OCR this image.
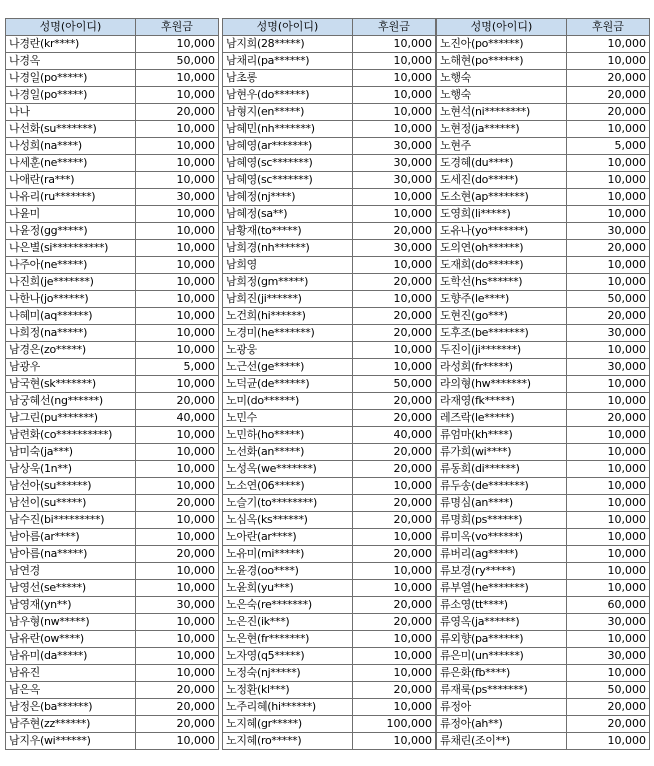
성명(아이디)	후원금
나경란(kr****)	10,000
나경옥	50,000
나경일(po*****)	10,000
나경일(po*****)	10,000
나나	20,000
나선화(su*******)	10,000
나성희(na****)	10,000
나세훈(ne*****)	10,000
나애란(ra***)	10,000
나유리(ru*******)	30,000
나윤미	10,000
나윤정(gg*****)	10,000
나은별(si**********)	10,000
나주아(ne*****)	10,000
나진희(je*******)	10,000
나한나(jo******)	10,000
나혜미(aq******)	10,000
나희정(na*****)	10,000
남경은(zo*****)	10,000
남광우	5,000
남국현(sk*******)	10,000
남궁혜선(ng******)	20,000
남그린(pu*******)	40,000
남련화(co**********)	10,000
남미숙(ja***)	10,000
남상욱(1n**)	10,000
남선아(su******)	10,000
남선이(su*****)	20,000
남수진(bi*********)	10,000
남아름(ar****)	10,000
남아름(na*****)	20,000
남연경	10,000
남영선(se*****)	10,000
남영재(yn**)	30,000
남우형(nw*****)	10,000
남유란(ow****)	10,000
남유미(da*****)	10,000
남유진	10,000
남은옥	20,000
남정은(ba******)	20,000
남주현(zz******)	20,000
남지우(wi******)	10,000
성명(아이디)	후원금
남지희(28*****)	10,000
남채리(pa******)	10,000
남초롱	10,000
남현우(do******)	10,000
남형지(en*****)	10,000
남혜민(nh*******)	10,000
남혜영(ar*******)	30,000
남혜영(sc*******)	30,000
남혜영(sc*******)	30,000
남혜정(nj****)	10,000
남혜정(sa**)	10,000
남황재(to*****)	20,000
남희경(nh******)	30,000
남희영	10,000
남희정(gm*****)	20,000
남희진(ji******)	10,000
노건희(hi******)	20,000
노경미(he*******)	20,000
노광웅	10,000
노근선(ge*****)	10,000
노덕균(de******)	50,000
노미(do******)	20,000
노민수	20,000
노민하(ho*****)	40,000
노선화(an*****)	20,000
노성옥(we*******)	20,000
노소연(06*****)	10,000
노슬기(to********)	20,000
노심옥(ks******)	20,000
노아란(ar****)	10,000
노유미(mi*****)	20,000
노윤경(oo****)	10,000
노윤희(yu***)	10,000
노은숙(re*******)	20,000
노은진(ik***)	20,000
노은현(fr*******)	10,000
노자영(q5*****)	10,000
노정숙(nj*****)	10,000
노정환(kl***)	20,000
노주리혜(hi******)	10,000
노지혜(gr*****)	100,000
노지혜(ro*****)	10,000
성명(아이디)	후원금
노진아(po******)	10,000
노해현(po******)	10,000
노행숙	20,000
노행숙	20,000
노현석(ni********)	20,000
노현정(ja******)	10,000
노현주	5,000
도경혜(du****)	10,000
도세진(do*****)	10,000
도소현(ap*******)	10,000
도영희(li*****)	10,000
도유나(yo*******)	30,000
도의연(oh******)	20,000
도재희(do******)	10,000
도학선(hs******)	10,000
도향주(le****)	50,000
도현진(go***)	20,000
도후조(be*******)	30,000
두진이(ji*******)	10,000
라성희(fr*****)	30,000
라의형(hw*******)	10,000
라재영(fk*****)	10,000
레즈락(le*****)	20,000
류엄마(kh****)	10,000
류가희(wi****)	10,000
류동희(di******)	10,000
류두송(de*******)	10,000
류명심(an****)	10,000
류명희(ps******)	10,000
류미옥(vo******)	10,000
류버리(ag*****)	10,000
류보경(ry*****)	10,000
류부열(he*******)	10,000
류소영(tt****)	60,000
류영옥(ja******)	30,000
류외향(pa******)	10,000
류은미(un******)	30,000
류은화(fb****)	10,000
류재룩(ps*******)	50,000
류정아	20,000
류정아(ah**)	20,000
류채린(조이**)	10,000
